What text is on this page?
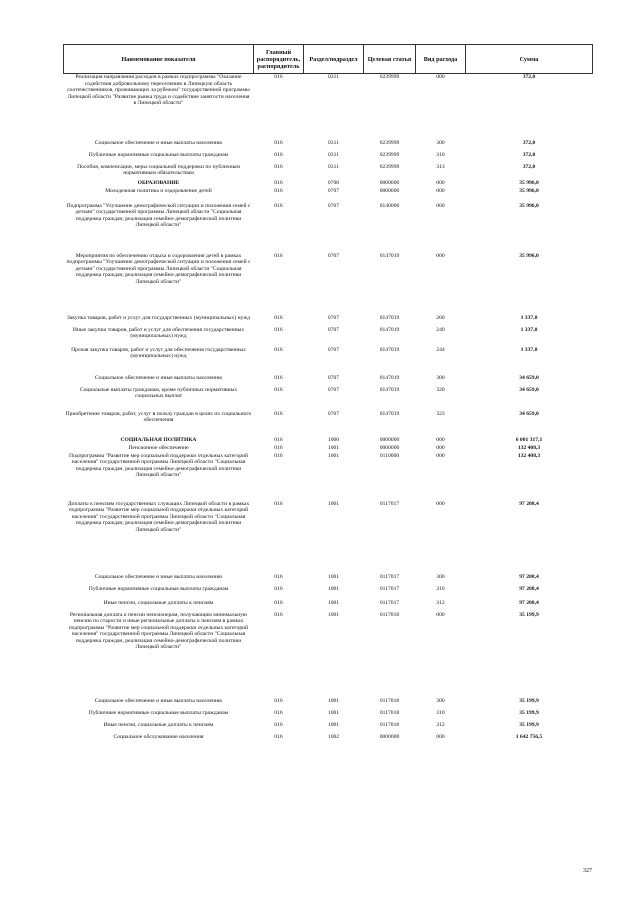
Наименование показателя	Главный распорядитель, распорядитель	Раздел/подраздел	Целевая статья	Вид расхода	Сумма
Реализация направления расходов в рамках подпрограммы "Оказание содействия добровольному переселению в Липецкую область соотечественников, проживающих за рубежом" государственной программы Липецкой области "Развитие рынка труда и содействие занятости населения в Липецкой области"	016	0311	0239999	000	372,0
Социальное обеспечение и иные выплаты населению	016	0311	0239999	300	372,0
Публичные нормативные социальные выплаты гражданам	016	0311	0239999	310	372,0
Пособия, компенсации, меры социальной поддержки по публичным нормативным обязательствам	016	0311	0239999	313	372,0
ОБРАЗОВАНИЕ	016	0700	0000000	000	35 996,0
Молодежная политика и оздоровление детей	016	0707	0000000	000	35 996,0
Подпрограмма "Улучшение демографической ситуации и положения семей с детьми" государственной программы Липецкой области "Социальная поддержка граждан, реализация семейно-демографической политики Липецкой области"	016	0707	0140000	000	35 996,0
Мероприятия по обеспечению отдыха и оздоровления детей в рамках подпрограммы "Улучшение демографической ситуации и положения семей с детьми" государственной программы Липецкой области "Социальная поддержка граждан, реализация семейно-демографической политики Липецкой области"	016	0707	0147019	000	35 996,0
Закупка товаров, работ и услуг для государственных (муниципальных) нужд	016	0707	0147019	200	1 337,0
Иные закупки товаров, работ и услуг для обеспечения государственных (муниципальных) нужд	016	0707	0147019	240	1 337,0
Прочая закупка товаров, работ и услуг для обеспечения государственных (муниципальных) нужд	016	0707	0147019	244	1 337,0
Социальное обеспечение и иные выплаты населению	016	0707	0147019	300	34 659,0
Социальные выплаты гражданам, кроме публичных нормативных социальных выплат	016	0707	0147019	320	34 659,0
Приобретение товаров, работ, услуг в пользу граждан в целях их социального обеспечения	016	0707	0147019	323	34 659,0
СОЦИАЛЬНАЯ ПОЛИТИКА	016	1000	0000000	000	6 001 317,1
Пенсионное обеспечение	016	1001	0000000	000	132 408,3
Подпрограмма "Развитие мер социальной поддержки отдельных категорий населения" государственной программы Липецкой области "Социальная поддержка граждан, реализация семейно-демографической политики Липецкой области"	016	1001	0110000	000	132 408,3
Доплаты к пенсиям государственных служащих Липецкой области в рамках подпрограммы "Развитие мер социальной поддержки отдельных категорий населения" государственной программы Липецкой области "Социальная поддержка граждан, реализация семейно-демографической политики Липецкой области"	016	1001	0117017	000	97 208,4
Социальное обеспечение и иные выплаты населению	016	1001	0117017	300	97 208,4
Публичные нормативные социальные выплаты гражданам	016	1001	0117017	310	97 208,4
Иные пенсии, социальные доплаты к пенсиям	016	1001	0117017	312	97 208,4
Региональная доплата к пенсии пенсионерам, получающим минимальную пенсию по старости и иные региональные доплаты к пенсиям в рамках подпрограммы "Развитие мер социальной поддержки отдельных категорий населения" государственной программы Липецкой области "Социальная поддержка граждан, реализация семейно-демографической политики Липецкой области"	016	1001	0117018	000	35 199,9
Социальное обеспечение и иные выплаты населению	016	1001	0117018	300	35 199,9
Публичные нормативные социальные выплаты гражданам	016	1001	0117018	310	35 199,9
Иные пенсии, социальные доплаты к пенсиям	016	1001	0117018	312	35 199,9
Социальное обслуживание населения	016	1002	0000000	000	1 642 756,5
327
